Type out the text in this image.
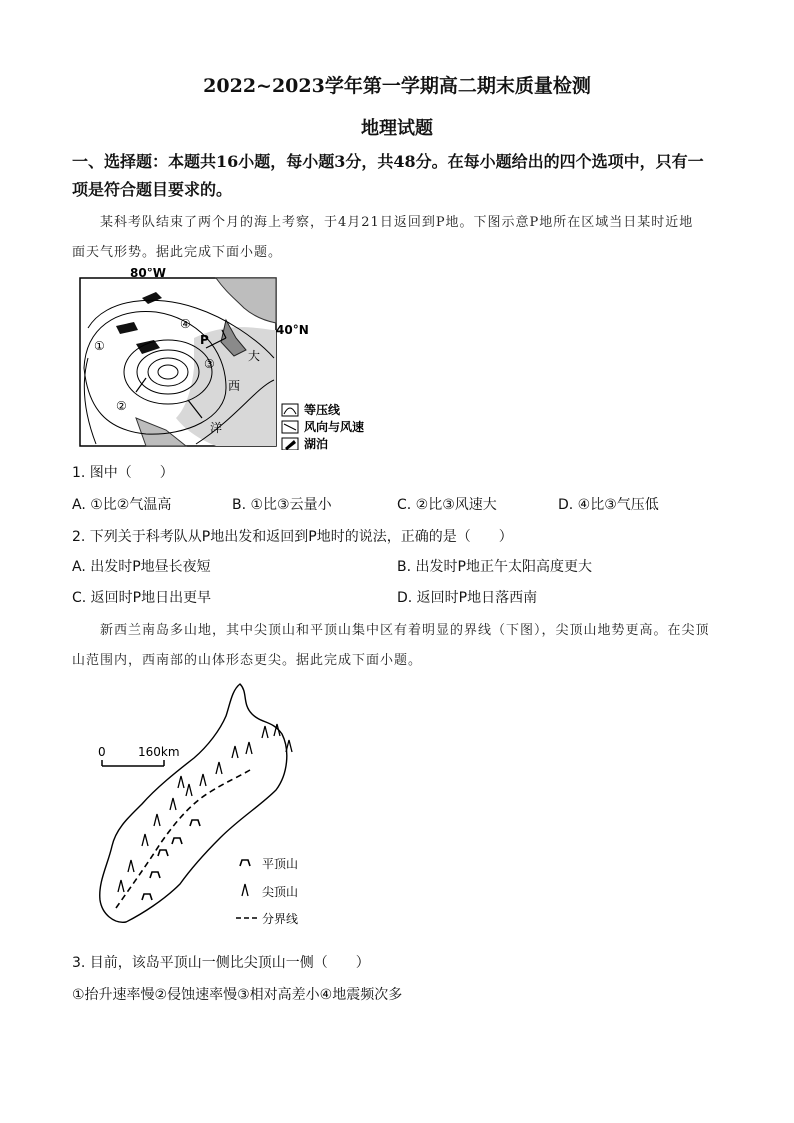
2022~2023学年第一学期高二期末质量检测
地理试题
一、选择题：本题共16小题，每小题3分，共48分。在每小题给出的四个选项中，只有一
项是符合题目要求的。
某科考队结束了两个月的海上考察，于4月21日返回到P地。下图示意P地所在区域当日某时近地
面天气形势。据此完成下面小题。
80°W
40°N
P
①
②
③
④
大
西
洋
等压线
风向与风速
湖泊
1. 图中（　　）
A. ①比②气温高	B. ①比③云量小	C. ②比③风速大	D. ④比③气压低
2. 下列关于科考队从P地出发和返回到P地时的说法，正确的是（　　）
A. 出发时P地昼长夜短	B. 出发时P地正午太阳高度更大
C. 返回时P地日出更早	D. 返回时P地日落西南
新西兰南岛多山地，其中尖顶山和平顶山集中区有着明显的界线（下图），尖顶山地势更高。在尖顶
山范围内，西南部的山体形态更尖。据此完成下面小题。
0	160km
平顶山
尖顶山
分界线
3. 目前，该岛平顶山一侧比尖顶山一侧（　　）
①抬升速率慢②侵蚀速率慢③相对高差小④地震频次多
